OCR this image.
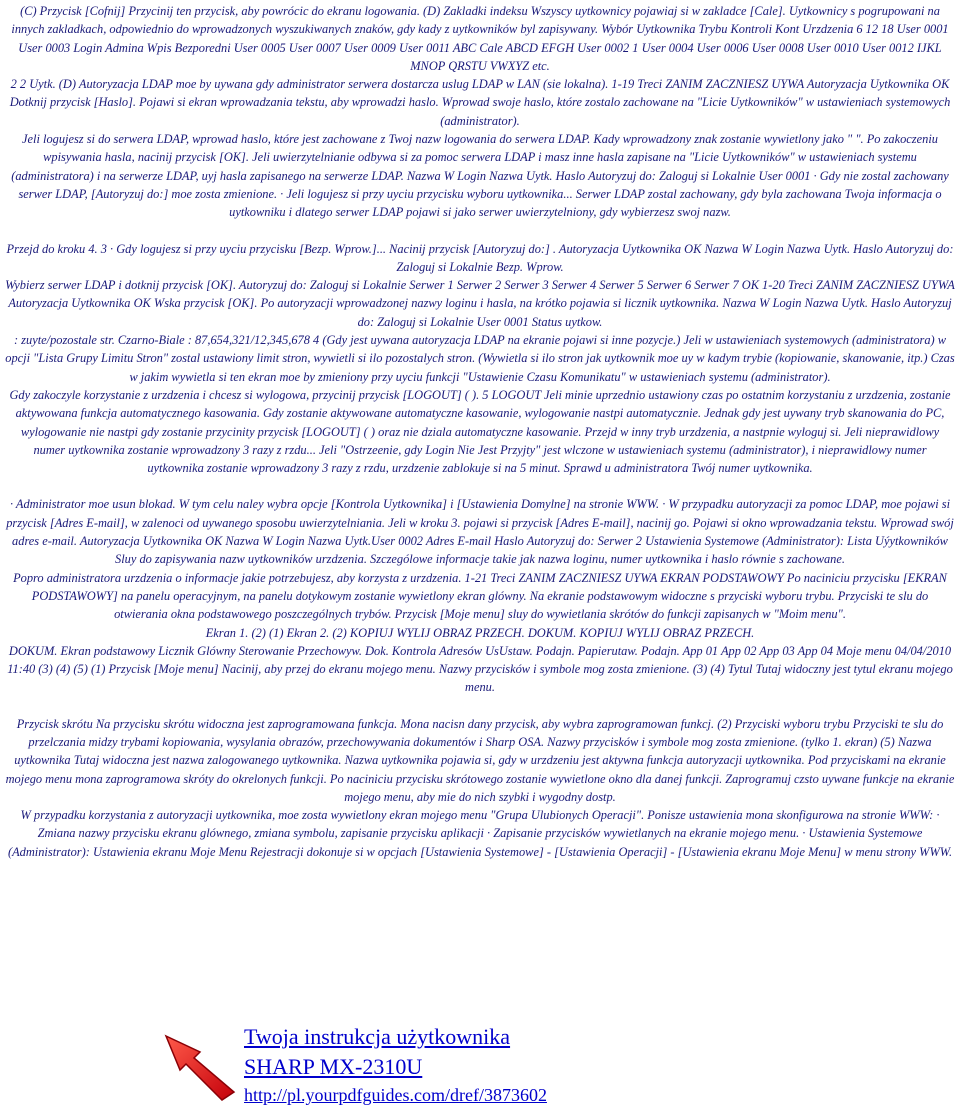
(C) Przycisk [Cofnij] Przycinij ten przycisk, aby powrócic do ekranu logowania. (D) Zakladki indeksu Wszyscy uytkownicy pojawiaj si w zakladce [Cale]. Uytkownicy s pogrupowani na innych zakladkach, odpowiednio do wprowadzonych wyszukiwanych znaków, gdy kady z uytkowników byl zapisywany. Wybór Uytkownika Trybu Kontroli Kont Urzdzenia 6 12 18 User 0001 User 0003 Login Admina Wpis Bezporedni User 0005 User 0007 User 0009 User 0011 ABC Cale ABCD EFGH User 0002 1 User 0004 User 0006 User 0008 User 0010 User 0012 IJKL MNOP QRSTU VWXYZ etc.

2 2 Uytk. (D) Autoryzacja LDAP moe by uywana gdy administrator serwera dostarcza uslug LDAP w LAN (sie lokalna). 1-19 Treci ZANIM ZACZNIESZ UYWA Autoryzacja Uytkownika OK Dotknij przycisk [Haslo]. Pojawi si ekran wprowadzania tekstu, aby wprowadzi haslo. Wprowad swoje haslo, które zostalo zachowane na "Licie Uytkowników" w ustawieniach systemowych (administrator).

Jeli logujesz si do serwera LDAP, wprowad haslo, które jest zachowane z Twoj nazw logowania do serwera LDAP. Kady wprowadzony znak zostanie wywietlony jako " ". Po zakoczeniu wpisywania hasla, nacinij przycisk [OK]. Jeli uwierzytelnianie odbywa si za pomoc serwera LDAP i masz inne hasla zapisane na "Licie Uytkowników" w ustawieniach systemu (administratora) i na serwerze LDAP, uyj hasla zapisanego na serwerze LDAP. Nazwa W Login Nazwa Uytk. Haslo Autoryzuj do: Zaloguj si Lokalnie User 0001 · Gdy nie zostal zachowany serwer LDAP, [Autoryzuj do:] moe zosta zmienione. · Jeli logujesz si przy uyciu przycisku wyboru uytkownika... Serwer LDAP zostal zachowany, gdy byla zachowana Twoja informacja o uytkowniku i dlatego serwer LDAP pojawi si jako serwer uwierzytelniony, gdy wybierzesz swoj nazw.

Przejd do kroku 4. 3 · Gdy logujesz si przy uyciu przycisku [Bezp. Wprow.]... Nacinij przycisk [Autoryzuj do:] . Autoryzacja Uytkownika OK Nazwa W Login Nazwa Uytk. Haslo Autoryzuj do: Zaloguj si Lokalnie Bezp. Wprow.

Wybierz serwer LDAP i dotknij przycisk [OK]. Autoryzuj do: Zaloguj si Lokalnie Serwer 1 Serwer 2 Serwer 3 Serwer 4 Serwer 5 Serwer 6 Serwer 7 OK 1-20 Treci ZANIM ZACZNIESZ UYWA Autoryzacja Uytkownika OK Wska przycisk [OK]. Po autoryzacji wprowadzonej nazwy loginu i hasla, na krótko pojawia si licznik uytkownika. Nazwa W Login Nazwa Uytk. Haslo Autoryzuj do: Zaloguj si Lokalnie User 0001 Status uytkow.

: zuyte/pozostale str. Czarno-Biale : 87,654,321/12,345,678 4 (Gdy jest uywana autoryzacja LDAP na ekranie pojawi si inne pozycje.) Jeli w ustawieniach systemowych (administratora) w opcji "Lista Grupy Limitu Stron" zostal ustawiony limit stron, wywietli si ilo pozostalych stron. (Wywietla si ilo stron jak uytkownik moe uy w kadym trybie (kopiowanie, skanowanie, itp.) Czas w jakim wywietla si ten ekran moe by zmieniony przy uyciu funkcji "Ustawienie Czasu Komunikatu" w ustawieniach systemu (administrator).

Gdy zakoczyle korzystanie z urzdzenia i chcesz si wylogowa, przycinij przycisk [LOGOUT] ( ). 5 LOGOUT Jeli minie uprzednio ustawiony czas po ostatnim korzystaniu z urzdzenia, zostanie aktywowana funkcja automatycznego kasowania. Gdy zostanie aktywowane automatyczne kasowanie, wylogowanie nastpi automatycznie. Jednak gdy jest uywany tryb skanowania do PC, wylogowanie nie nastpi gdy zostanie przycinity przycisk [LOGOUT] ( ) oraz nie dziala automatyczne kasowanie. Przejd w inny tryb urzdzenia, a nastpnie wyloguj si. Jeli nieprawidlowy numer uytkownika zostanie wprowadzony 3 razy z rzdu... Jeli "Ostrzeenie, gdy Login Nie Jest Przyjty" jest wlczone w ustawieniach systemu (administrator), i nieprawidlowy numer uytkownika zostanie wprowadzony 3 razy z rzdu, urzdzenie zablokuje si na 5 minut. Sprawd u administratora Twój numer uytkownika.

· Administrator moe usun blokad. W tym celu naley wybra opcje [Kontrola Uytkownika] i [Ustawienia Domylne] na stronie WWW. · W przypadku autoryzacji za pomoc LDAP, moe pojawi si przycisk [Adres E-mail], w zalenoci od uywanego sposobu uwierzytelniania. Jeli w kroku 3. pojawi si przycisk [Adres E-mail], nacinij go. Pojawi si okno wprowadzania tekstu. Wprowad swój adres e-mail. Autoryzacja Uytkownika OK Nazwa W Login Nazwa Uytk.User 0002 Adres E-mail Haslo Autoryzuj do: Serwer 2 Ustawienia Systemowe (Administrator): Lista Uýytkowników Sluy do zapisywania nazw uytkowników urzdzenia. Szczególowe informacje takie jak nazwa loginu, numer uytkownika i haslo równie s zachowane.

Popro administratora urzdzenia o informacje jakie potrzebujesz, aby korzysta z urzdzenia. 1-21 Treci ZANIM ZACZNIESZ UYWA EKRAN PODSTAWOWY Po naciniciu przycisku [EKRAN PODSTAWOWY] na panelu operacyjnym, na panelu dotykowym zostanie wywietlony ekran glówny. Na ekranie podstawowym widoczne s przyciski wyboru trybu. Przyciski te slu do otwierania okna podstawowego poszczególnych trybów. Przycisk [Moje menu] sluy do wywietlania skrótów do funkcji zapisanych w "Moim menu".

Ekran 1. (2) (1) Ekran 2. (2) KOPIUJ WYLIJ OBRAZ PRZECH. DOKUM. KOPIUJ WYLIJ OBRAZ PRZECH.

DOKUM. Ekran podstawowy Licznik Glówny Sterowanie Przechowyw. Dok. Kontrola Adresów UsUstaw. Podajn. Papierutaw. Podajn. App 01 App 02 App 03 App 04 Moje menu 04/04/2010 11:40 (3) (4) (5) (1) Przycisk [Moje menu] Nacinij, aby przej do ekranu mojego menu. Nazwy przycisków i symbole mog zosta zmienione. (3) (4) Tytul Tutaj widoczny jest tytul ekranu mojego menu.

Przycisk skrótu Na przycisku skrótu widoczna jest zaprogramowana funkcja. Mona nacisn dany przycisk, aby wybra zaprogramowan funkcj. (2) Przyciski wyboru trybu Przyciski te slu do przelczania midzy trybami kopiowania, wysylania obrazów, przechowywania dokumentów i Sharp OSA. Nazwy przycisków i symbole mog zosta zmienione. (tylko 1. ekran) (5) Nazwa uytkownika Tutaj widoczna jest nazwa zalogowanego uytkownika. Nazwa uytkownika pojawia si, gdy w urzdzeniu jest aktywna funkcja autoryzacji uytkownika. Pod przyciskami na ekranie mojego menu mona zaprogramowa skróty do okrelonych funkcji. Po naciniciu przycisku skrótowego zostanie wywietlone okno dla danej funkcji. Zaprogramuj czsto uywane funkcje na ekranie mojego menu, aby mie do nich szybki i wygodny dostp.

W przypadku korzystania z autoryzacji uytkownika, moe zosta wywietlony ekran mojego menu "Grupa Ulubionych Operacji". Ponisze ustawienia mona skonfigurowa na stronie WWW: · Zmiana nazwy przycisku ekranu glównego, zmiana symbolu, zapisanie przycisku aplikacji · Zapisanie przycisków wywietlanych na ekranie mojego menu. · Ustawienia Systemowe (Administrator): Ustawienia ekranu Moje Menu Rejestracji dokonuje si w opcjach [Ustawienia Systemowe] - [Ustawienia Operacji] - [Ustawienia ekranu Moje Menu] w menu strony WWW.

Twoja instrukcja użytkownika
SHARP MX-2310U
http://pl.yourpdfguides.com/dref/3873602
